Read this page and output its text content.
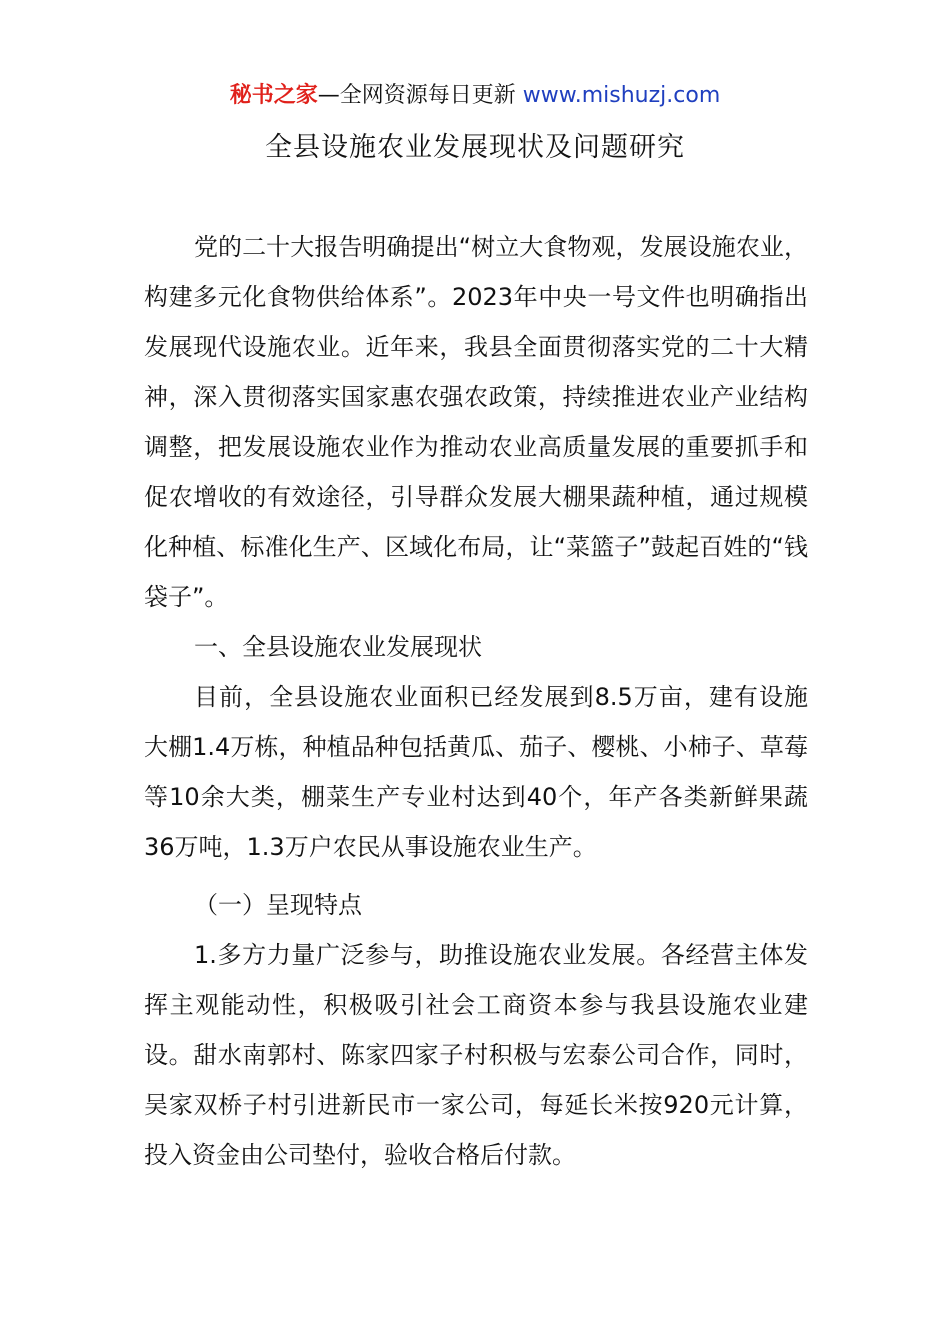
秘书之家—全网资源每日更新 www.mishuzj.com
全县设施农业发展现状及问题研究

党的二十大报告明确提出“树立大食物观，发展设施农业，构建多元化食物供给体系”。2023年中央一号文件也明确指出发展现代设施农业。近年来，我县全面贯彻落实党的二十大精神，深入贯彻落实国家惠农强农政策，持续推进农业产业结构调整，把发展设施农业作为推动农业高质量发展的重要抓手和促农增收的有效途径，引导群众发展大棚果蔬种植，通过规模化种植、标准化生产、区域化布局，让“菜篮子”鼓起百姓的“钱袋子”。

一、全县设施农业发展现状

目前，全县设施农业面积已经发展到8.5万亩，建有设施大棚1.4万栋，种植品种包括黄瓜、茄子、樱桃、小柿子、草莓等10余大类，棚菜生产专业村达到40个，年产各类新鲜果蔬36万吨，1.3万户农民从事设施农业生产。

（一）呈现特点

1.多方力量广泛参与，助推设施农业发展。各经营主体发挥主观能动性，积极吸引社会工商资本参与我县设施农业建设。甜水南郭村、陈家四家子村积极与宏泰公司合作，同时，吴家双桥子村引进新民市一家公司，每延长米按920元计算，投入资金由公司垫付，验收合格后付款。
